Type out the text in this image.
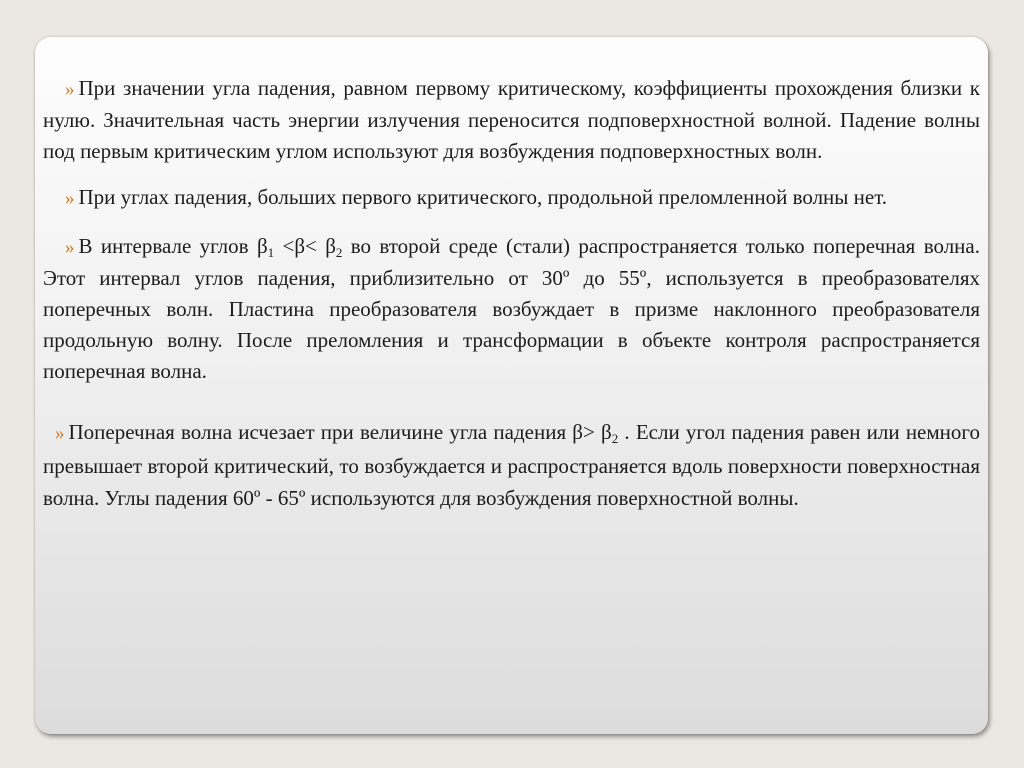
» При значении угла падения, равном первому критическому, коэффициенты прохождения близки к нулю. Значительная часть энергии излучения переносится подповерхностной волной. Падение волны под первым критическим углом используют для возбуждения подповерхностных волн.

» При углах падения, больших первого критического, продольной преломленной волны нет.

» В интервале углов $\beta_1 <\beta< \beta_2$ во второй среде (стали) распространяется только поперечная волна. Этот интервал углов падения, приблизительно от 30º до 55º, используется в преобразователях поперечных волн. Пластина преобразователя возбуждает в призме наклонного преобразователя продольную волну. После преломления и трансформации в объекте контроля распространяется поперечная волна.

» Поперечная волна исчезает при величине угла падения $\beta> \beta_2$ . Если угол падения равен или немного превышает второй критический, то возбуждается и распространяется вдоль поверхности поверхностная волна. Углы падения 60º - 65º используются для возбуждения поверхностной волны.
